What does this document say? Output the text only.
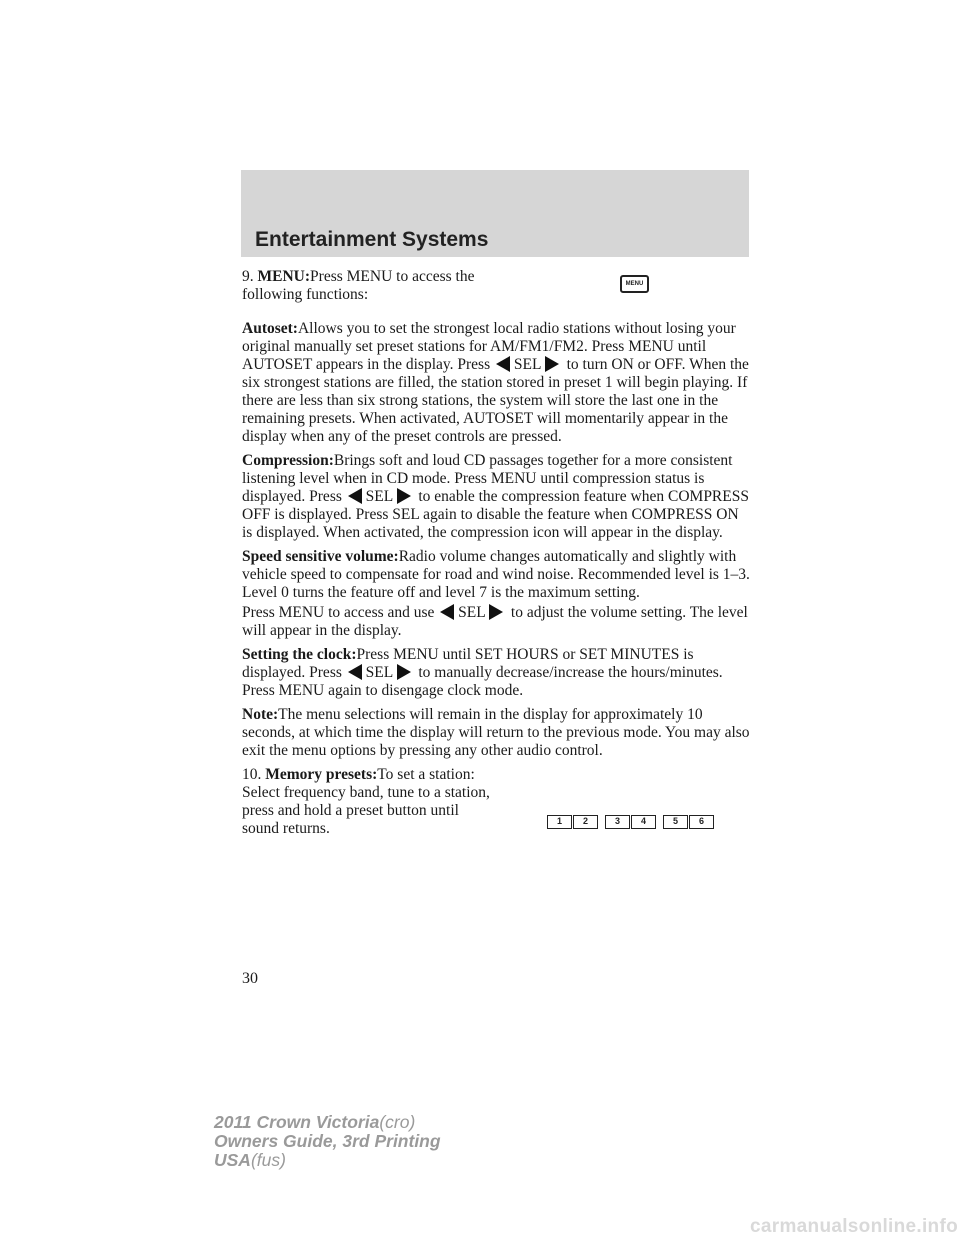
Entertainment Systems
MENU

9. MENU:Press MENU to access the following functions:

Autoset:Allows you to set the strongest local radio stations without losing your original manually set preset stations for AM/FM1/FM2. Press MENU until AUTOSET appears in the display. Press SEL to turn ON or OFF. When the six strongest stations are filled, the station stored in preset 1 will begin playing. If there are less than six strong stations, the system will store the last one in the remaining presets. When activated, AUTOSET will momentarily appear in the display when any of the preset controls are pressed.

Compression:Brings soft and loud CD passages together for a more consistent listening level when in CD mode. Press MENU until compression status is displayed. Press SEL to enable the compression feature when COMPRESS OFF is displayed. Press SEL again to disable the feature when COMPRESS ON is displayed. When activated, the compression icon will appear in the display.

Speed sensitive volume:Radio volume changes automatically and slightly with vehicle speed to compensate for road and wind noise. Recommended level is 1–3. Level 0 turns the feature off and level 7 is the maximum setting.

Press MENU to access and use SEL to adjust the volume setting. The level will appear in the display.

Setting the clock:Press MENU until SET HOURS or SET MINUTES is displayed. Press SEL to manually decrease/increase the hours/minutes. Press MENU again to disengage clock mode.

Note:The menu selections will remain in the display for approximately 10 seconds, at which time the display will return to the previous mode. You may also exit the menu options by pressing any other audio control.

10. Memory presets:To set a station: Select frequency band, tune to a station, press and hold a preset button until sound returns.	1	2	3	4	5	6
30
2011 Crown Victoria(cro)
Owners Guide, 3rd Printing
USA(fus)
carmanualsonline.info
